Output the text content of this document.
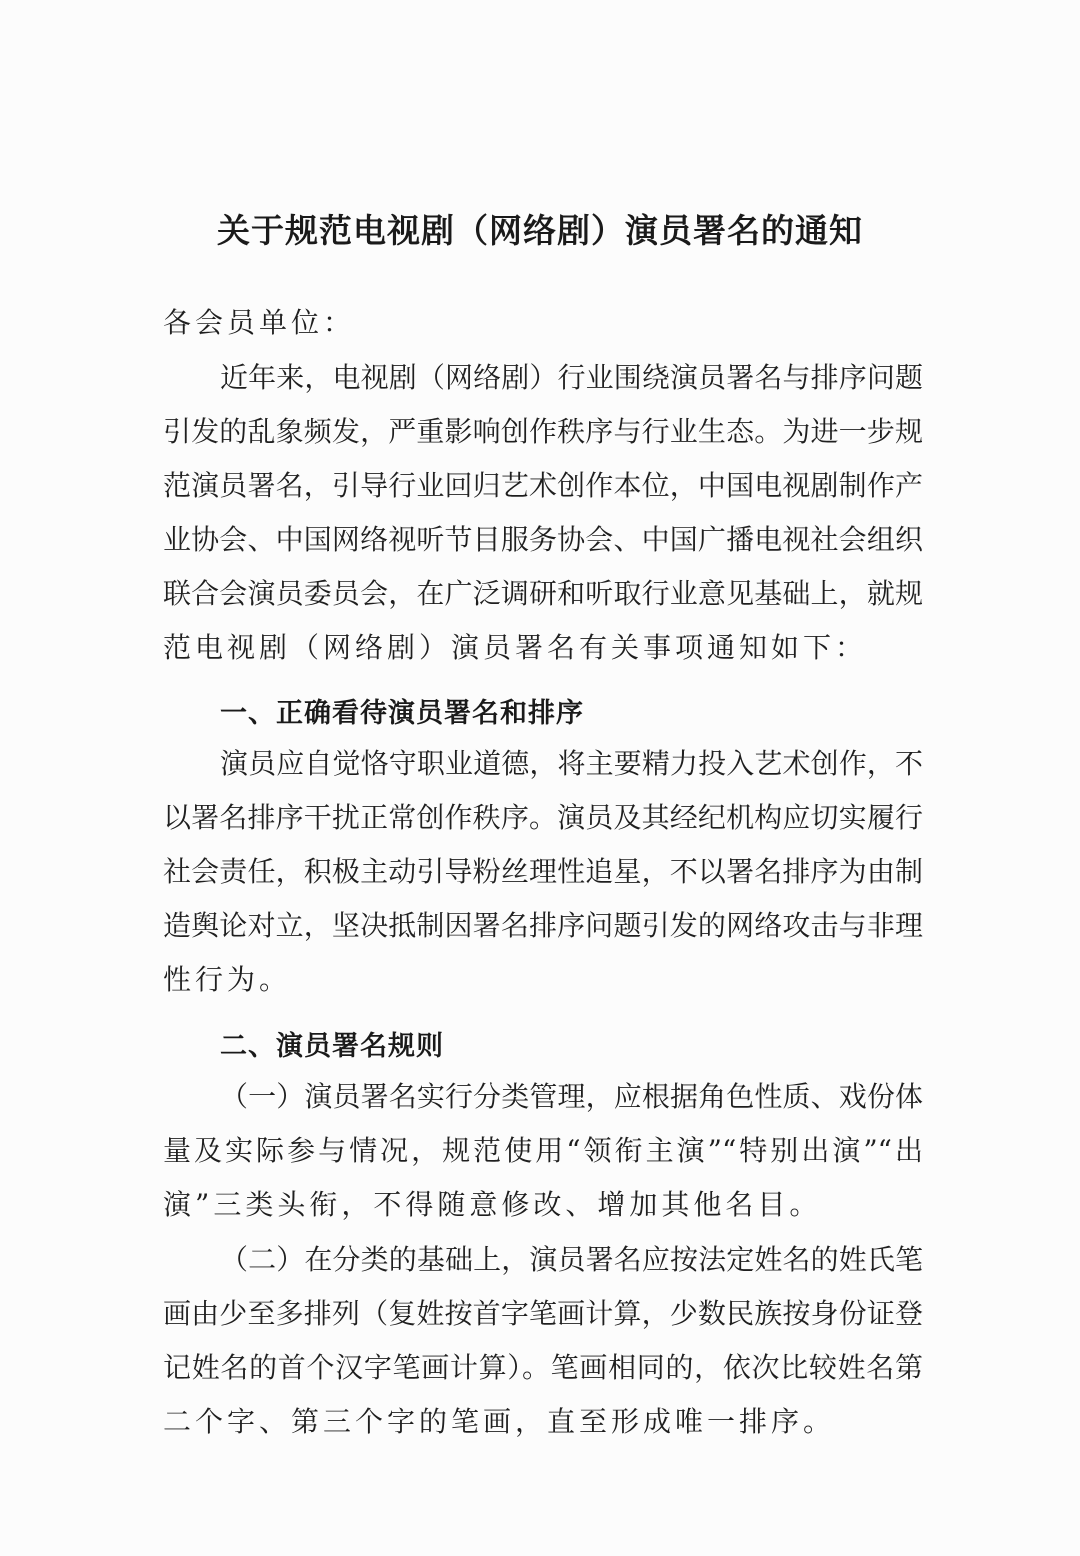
关于规范电视剧（网络剧）演员署名的通知
各会员单位：
近年来，电视剧（网络剧）行业围绕演员署名与排序问题
引发的乱象频发，严重影响创作秩序与行业生态。为进一步规
范演员署名，引导行业回归艺术创作本位，中国电视剧制作产
业协会、中国网络视听节目服务协会、中国广播电视社会组织
联合会演员委员会，在广泛调研和听取行业意见基础上，就规
范电视剧（网络剧）演员署名有关事项通知如下：
一、正确看待演员署名和排序
演员应自觉恪守职业道德，将主要精力投入艺术创作，不
以署名排序干扰正常创作秩序。演员及其经纪机构应切实履行
社会责任，积极主动引导粉丝理性追星，不以署名排序为由制
造舆论对立，坚决抵制因署名排序问题引发的网络攻击与非理
性行为。
二、演员署名规则
（一）演员署名实行分类管理，应根据角色性质、戏份体
量及实际参与情况，规范使用“领衔主演”“特别出演”“出
演”三类头衔，不得随意修改、增加其他名目。
（二）在分类的基础上，演员署名应按法定姓名的姓氏笔
画由少至多排列（复姓按首字笔画计算，少数民族按身份证登
记姓名的首个汉字笔画计算）。笔画相同的，依次比较姓名第
二个字、第三个字的笔画，直至形成唯一排序。
